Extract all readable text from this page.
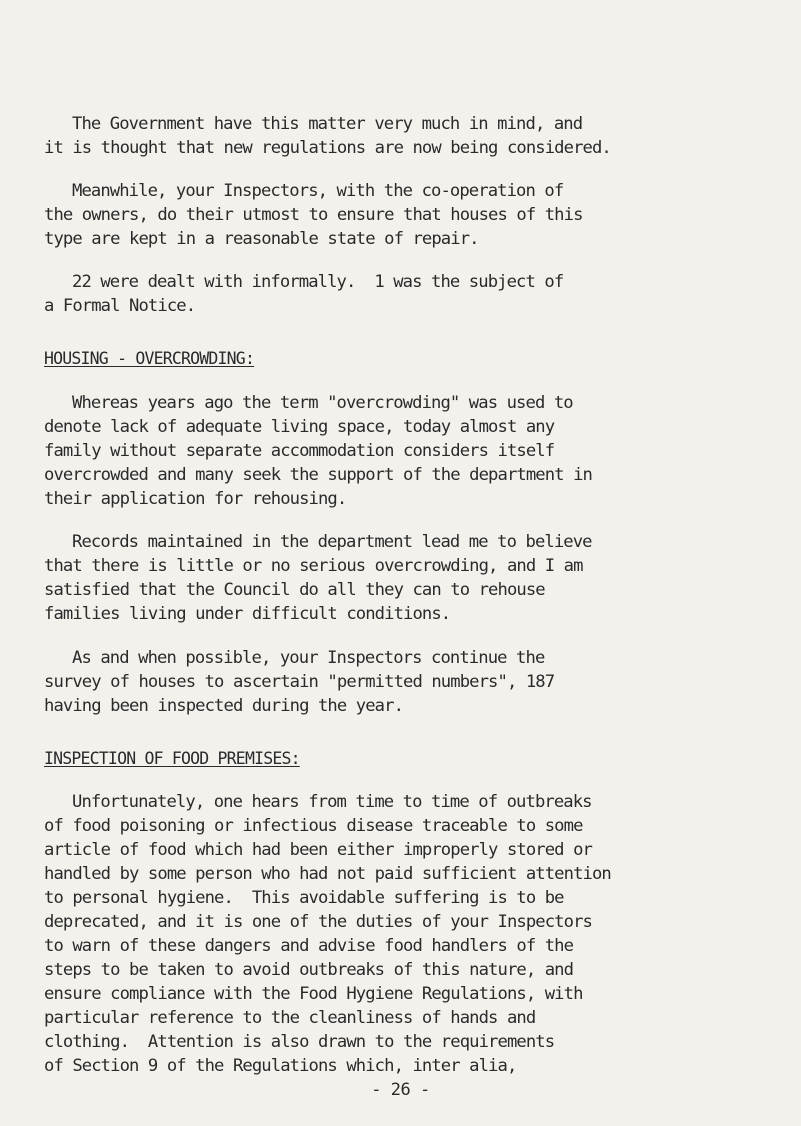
The Government have this matter very much in mind, and
it is thought that new regulations are now being considered.
Meanwhile, your Inspectors, with the co-operation of
the owners, do their utmost to ensure that houses of this
type are kept in a reasonable state of repair.
22 were dealt with informally.  1 was the subject of
a Formal Notice.
HOUSING - OVERCROWDING:
Whereas years ago the term "overcrowding" was used to
denote lack of adequate living space, today almost any
family without separate accommodation considers itself
overcrowded and many seek the support of the department in
their application for rehousing.
Records maintained in the department lead me to believe
that there is little or no serious overcrowding, and I am
satisfied that the Council do all they can to rehouse
families living under difficult conditions.
As and when possible, your Inspectors continue the
survey of houses to ascertain "permitted numbers", 187
having been inspected during the year.
INSPECTION OF FOOD PREMISES:
Unfortunately, one hears from time to time of outbreaks
of food poisoning or infectious disease traceable to some
article of food which had been either improperly stored or
handled by some person who had not paid sufficient attention
to personal hygiene.  This avoidable suffering is to be
deprecated, and it is one of the duties of your Inspectors
to warn of these dangers and advise food handlers of the
steps to be taken to avoid outbreaks of this nature, and
ensure compliance with the Food Hygiene Regulations, with
particular reference to the cleanliness of hands and
clothing.  Attention is also drawn to the requirements
of Section 9 of the Regulations which, inter alia,
- 26 -
